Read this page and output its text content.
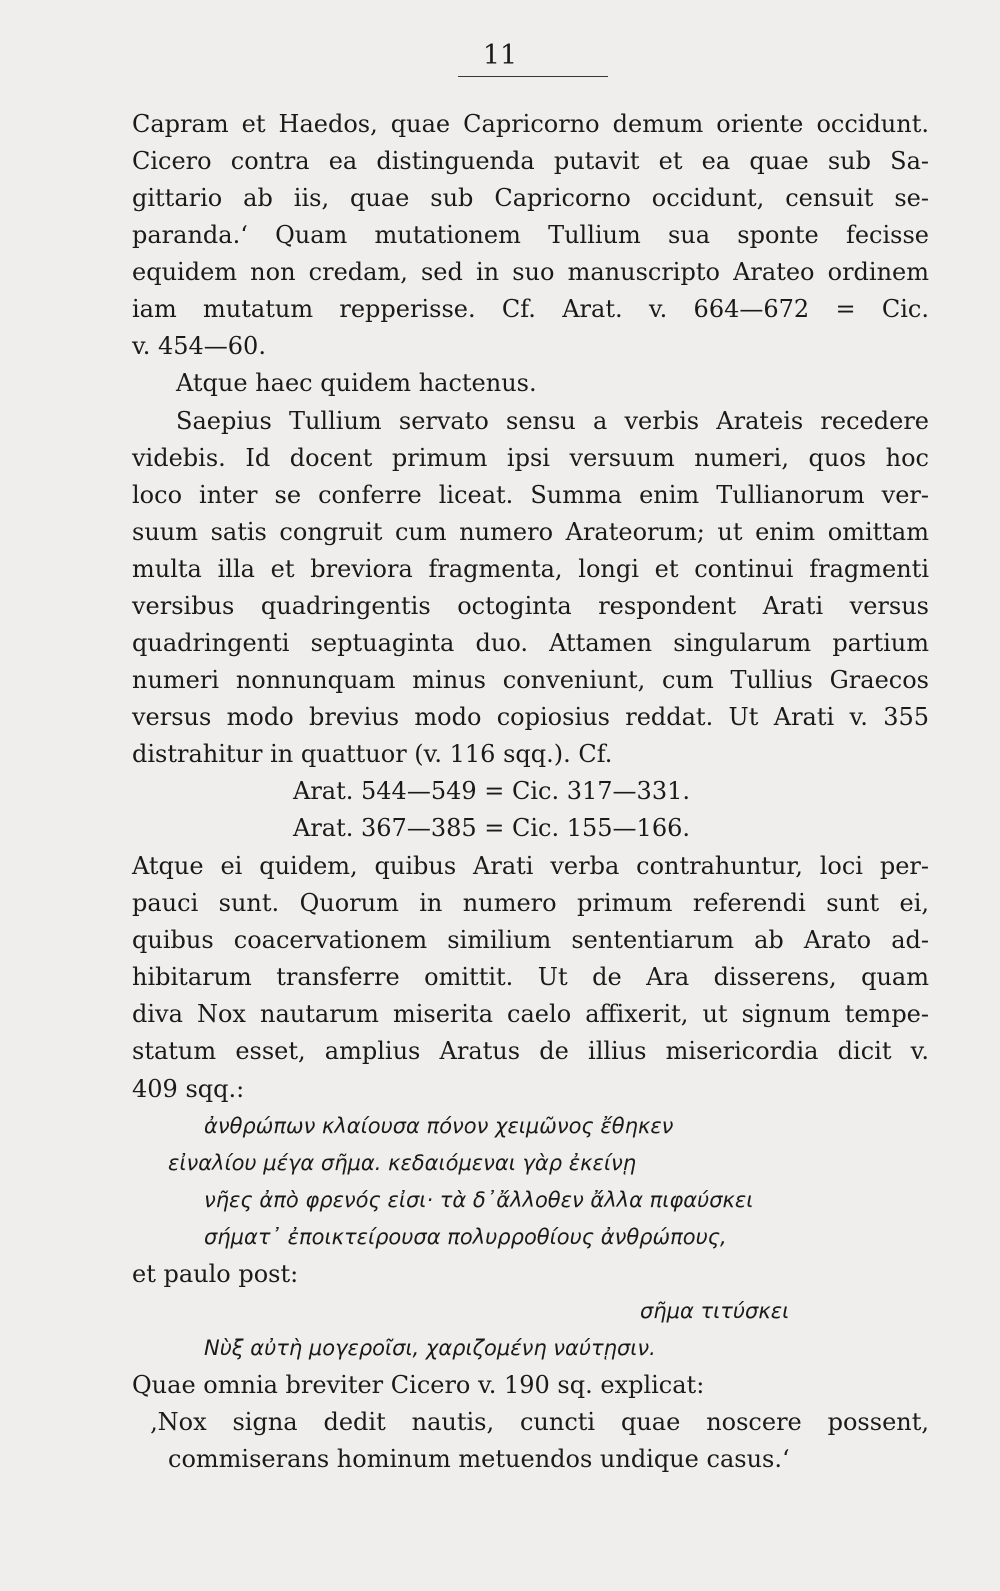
11
Capram et Haedos, quae Capricorno demum oriente occidunt.
Cicero contra ea distinguenda putavit et ea quae sub Sa-
gittario ab iis, quae sub Capricorno occidunt, censuit se-
paranda.‘ Quam mutationem Tullium sua sponte fecisse
equidem non credam, sed in suo manuscripto Arateo ordinem
iam mutatum repperisse. Cf. Arat. v. 664—672 = Cic.
v. 454—60.
Atque haec quidem hactenus.
Saepius Tullium servato sensu a verbis Arateis recedere
videbis. Id docent primum ipsi versuum numeri, quos hoc
loco inter se conferre liceat. Summa enim Tullianorum ver-
suum satis congruit cum numero Arateorum; ut enim omittam
multa illa et breviora fragmenta, longi et continui fragmenti
versibus quadringentis octoginta respondent Arati versus
quadringenti septuaginta duo. Attamen singularum partium
numeri nonnunquam minus conveniunt, cum Tullius Graecos
versus modo brevius modo copiosius reddat. Ut Arati v. 355
distrahitur in quattuor (v. 116 sqq.). Cf.
Arat. 544—549 = Cic. 317—331.
Arat. 367—385 = Cic. 155—166.
Atque ei quidem, quibus Arati verba contrahuntur, loci per-
pauci sunt. Quorum in numero primum referendi sunt ei,
quibus coacervationem similium sententiarum ab Arato ad-
hibitarum transferre omittit. Ut de Ara disserens, quam
diva Nox nautarum miserita caelo affixerit, ut signum tempe-
statum esset, amplius Aratus de illius misericordia dicit v.
409 sqq.:
ἀνθρώπων κλαίουσα πόνον χειμῶνος ἔθηκεν
εἰναλίου μέγα σῆμα. κεδαιόμεναι γὰρ ἐκείνῃ
νῆες ἀπὸ φρενός εἰσι· τὰ δ᾽ἄλλοθεν ἄλλα πιφαύσκει
σήματ᾽ ἐποικτείρουσα πολυρροθίους ἀνθρώπους,
et paulo post:
σῆμα τιτύσκει
Νὺξ αὐτὴ μογεροῖσι, χαριζομένη ναύτῃσιν.
Quae omnia breviter Cicero v. 190 sq. explicat:
‚Nox signa dedit nautis, cuncti quae noscere possent,
commiserans hominum metuendos undique casus.‘
